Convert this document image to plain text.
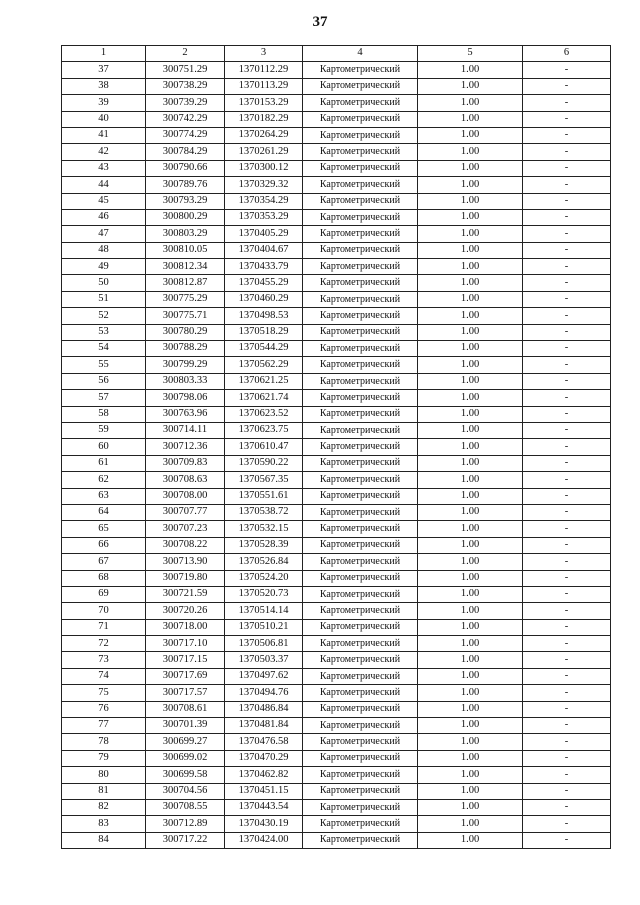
37
1	2	3	4	5	6
37	300751.29	1370112.29	Картометрический	1.00	-
38	300738.29	1370113.29	Картометрический	1.00	-
39	300739.29	1370153.29	Картометрический	1.00	-
40	300742.29	1370182.29	Картометрический	1.00	-
41	300774.29	1370264.29	Картометрический	1.00	-
42	300784.29	1370261.29	Картометрический	1.00	-
43	300790.66	1370300.12	Картометрический	1.00	-
44	300789.76	1370329.32	Картометрический	1.00	-
45	300793.29	1370354.29	Картометрический	1.00	-
46	300800.29	1370353.29	Картометрический	1.00	-
47	300803.29	1370405.29	Картометрический	1.00	-
48	300810.05	1370404.67	Картометрический	1.00	-
49	300812.34	1370433.79	Картометрический	1.00	-
50	300812.87	1370455.29	Картометрический	1.00	-
51	300775.29	1370460.29	Картометрический	1.00	-
52	300775.71	1370498.53	Картометрический	1.00	-
53	300780.29	1370518.29	Картометрический	1.00	-
54	300788.29	1370544.29	Картометрический	1.00	-
55	300799.29	1370562.29	Картометрический	1.00	-
56	300803.33	1370621.25	Картометрический	1.00	-
57	300798.06	1370621.74	Картометрический	1.00	-
58	300763.96	1370623.52	Картометрический	1.00	-
59	300714.11	1370623.75	Картометрический	1.00	-
60	300712.36	1370610.47	Картометрический	1.00	-
61	300709.83	1370590.22	Картометрический	1.00	-
62	300708.63	1370567.35	Картометрический	1.00	-
63	300708.00	1370551.61	Картометрический	1.00	-
64	300707.77	1370538.72	Картометрический	1.00	-
65	300707.23	1370532.15	Картометрический	1.00	-
66	300708.22	1370528.39	Картометрический	1.00	-
67	300713.90	1370526.84	Картометрический	1.00	-
68	300719.80	1370524.20	Картометрический	1.00	-
69	300721.59	1370520.73	Картометрический	1.00	-
70	300720.26	1370514.14	Картометрический	1.00	-
71	300718.00	1370510.21	Картометрический	1.00	-
72	300717.10	1370506.81	Картометрический	1.00	-
73	300717.15	1370503.37	Картометрический	1.00	-
74	300717.69	1370497.62	Картометрический	1.00	-
75	300717.57	1370494.76	Картометрический	1.00	-
76	300708.61	1370486.84	Картометрический	1.00	-
77	300701.39	1370481.84	Картометрический	1.00	-
78	300699.27	1370476.58	Картометрический	1.00	-
79	300699.02	1370470.29	Картометрический	1.00	-
80	300699.58	1370462.82	Картометрический	1.00	-
81	300704.56	1370451.15	Картометрический	1.00	-
82	300708.55	1370443.54	Картометрический	1.00	-
83	300712.89	1370430.19	Картометрический	1.00	-
84	300717.22	1370424.00	Картометрический	1.00	-
